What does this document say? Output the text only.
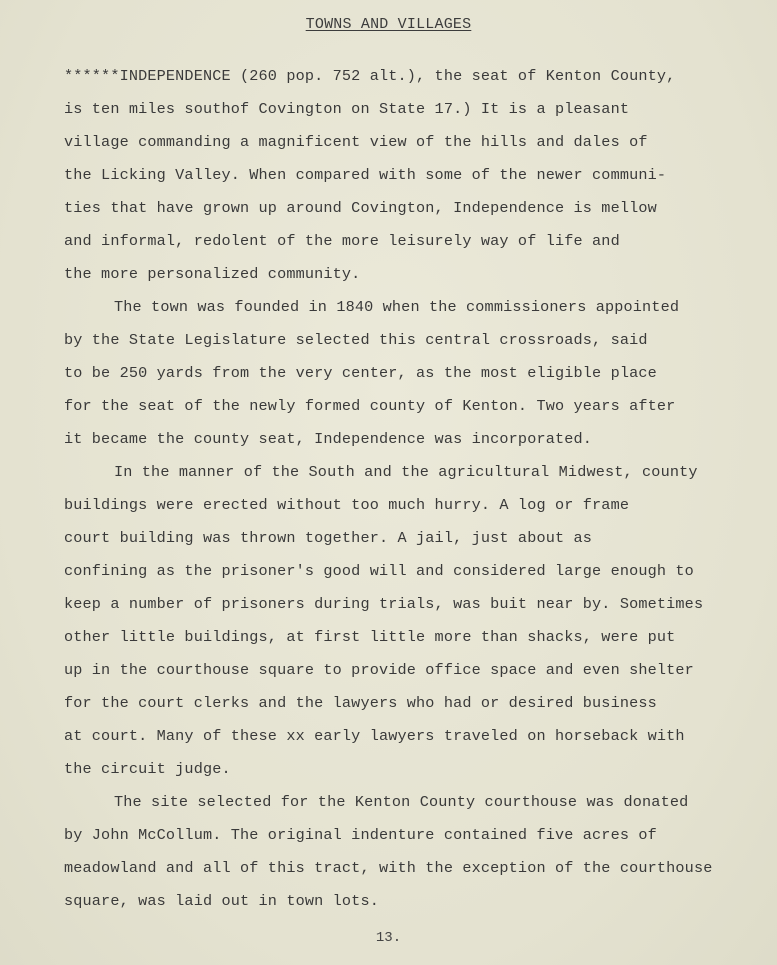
TOWNS AND VILLAGES
******INDEPENDENCE (260 pop. 752 alt.), the seat of Kenton County,
is ten miles southof Covington on State 17.) It is a pleasant
village commanding a magnificent view of the hills and dales of
the Licking Valley. When compared with some of the newer communi-
ties that have grown up around Covington, Independence is mellow
and informal, redolent of the more leisurely way of life and
the more personalized community.
The town was founded in 1840 when the commissioners appointed
by the State Legislature selected this central crossroads, said
to be 250 yards from the very center, as the most eligible place
for the seat of the newly formed county of Kenton. Two years after
it became the county seat, Independence was incorporated.
In the manner of the South and the agricultural Midwest, county
buildings were erected without too much hurry. A log or frame
court building was thrown together. A jail, just about as
confining as the prisoner's good will and considered large enough to
keep a number of prisoners during trials, was buit near by. Sometimes
other little buildings, at first little more than shacks, were put
up in the courthouse square to provide office space and even shelter
for the court clerks and the lawyers who had or desired business
at court. Many of these xx early lawyers traveled on horseback with
the circuit judge.
The site selected for the Kenton County courthouse was donated
by John McCollum. The original indenture contained five acres of
meadowland and all of this tract, with the exception of the courthouse
square, was laid out in town lots.
13.
